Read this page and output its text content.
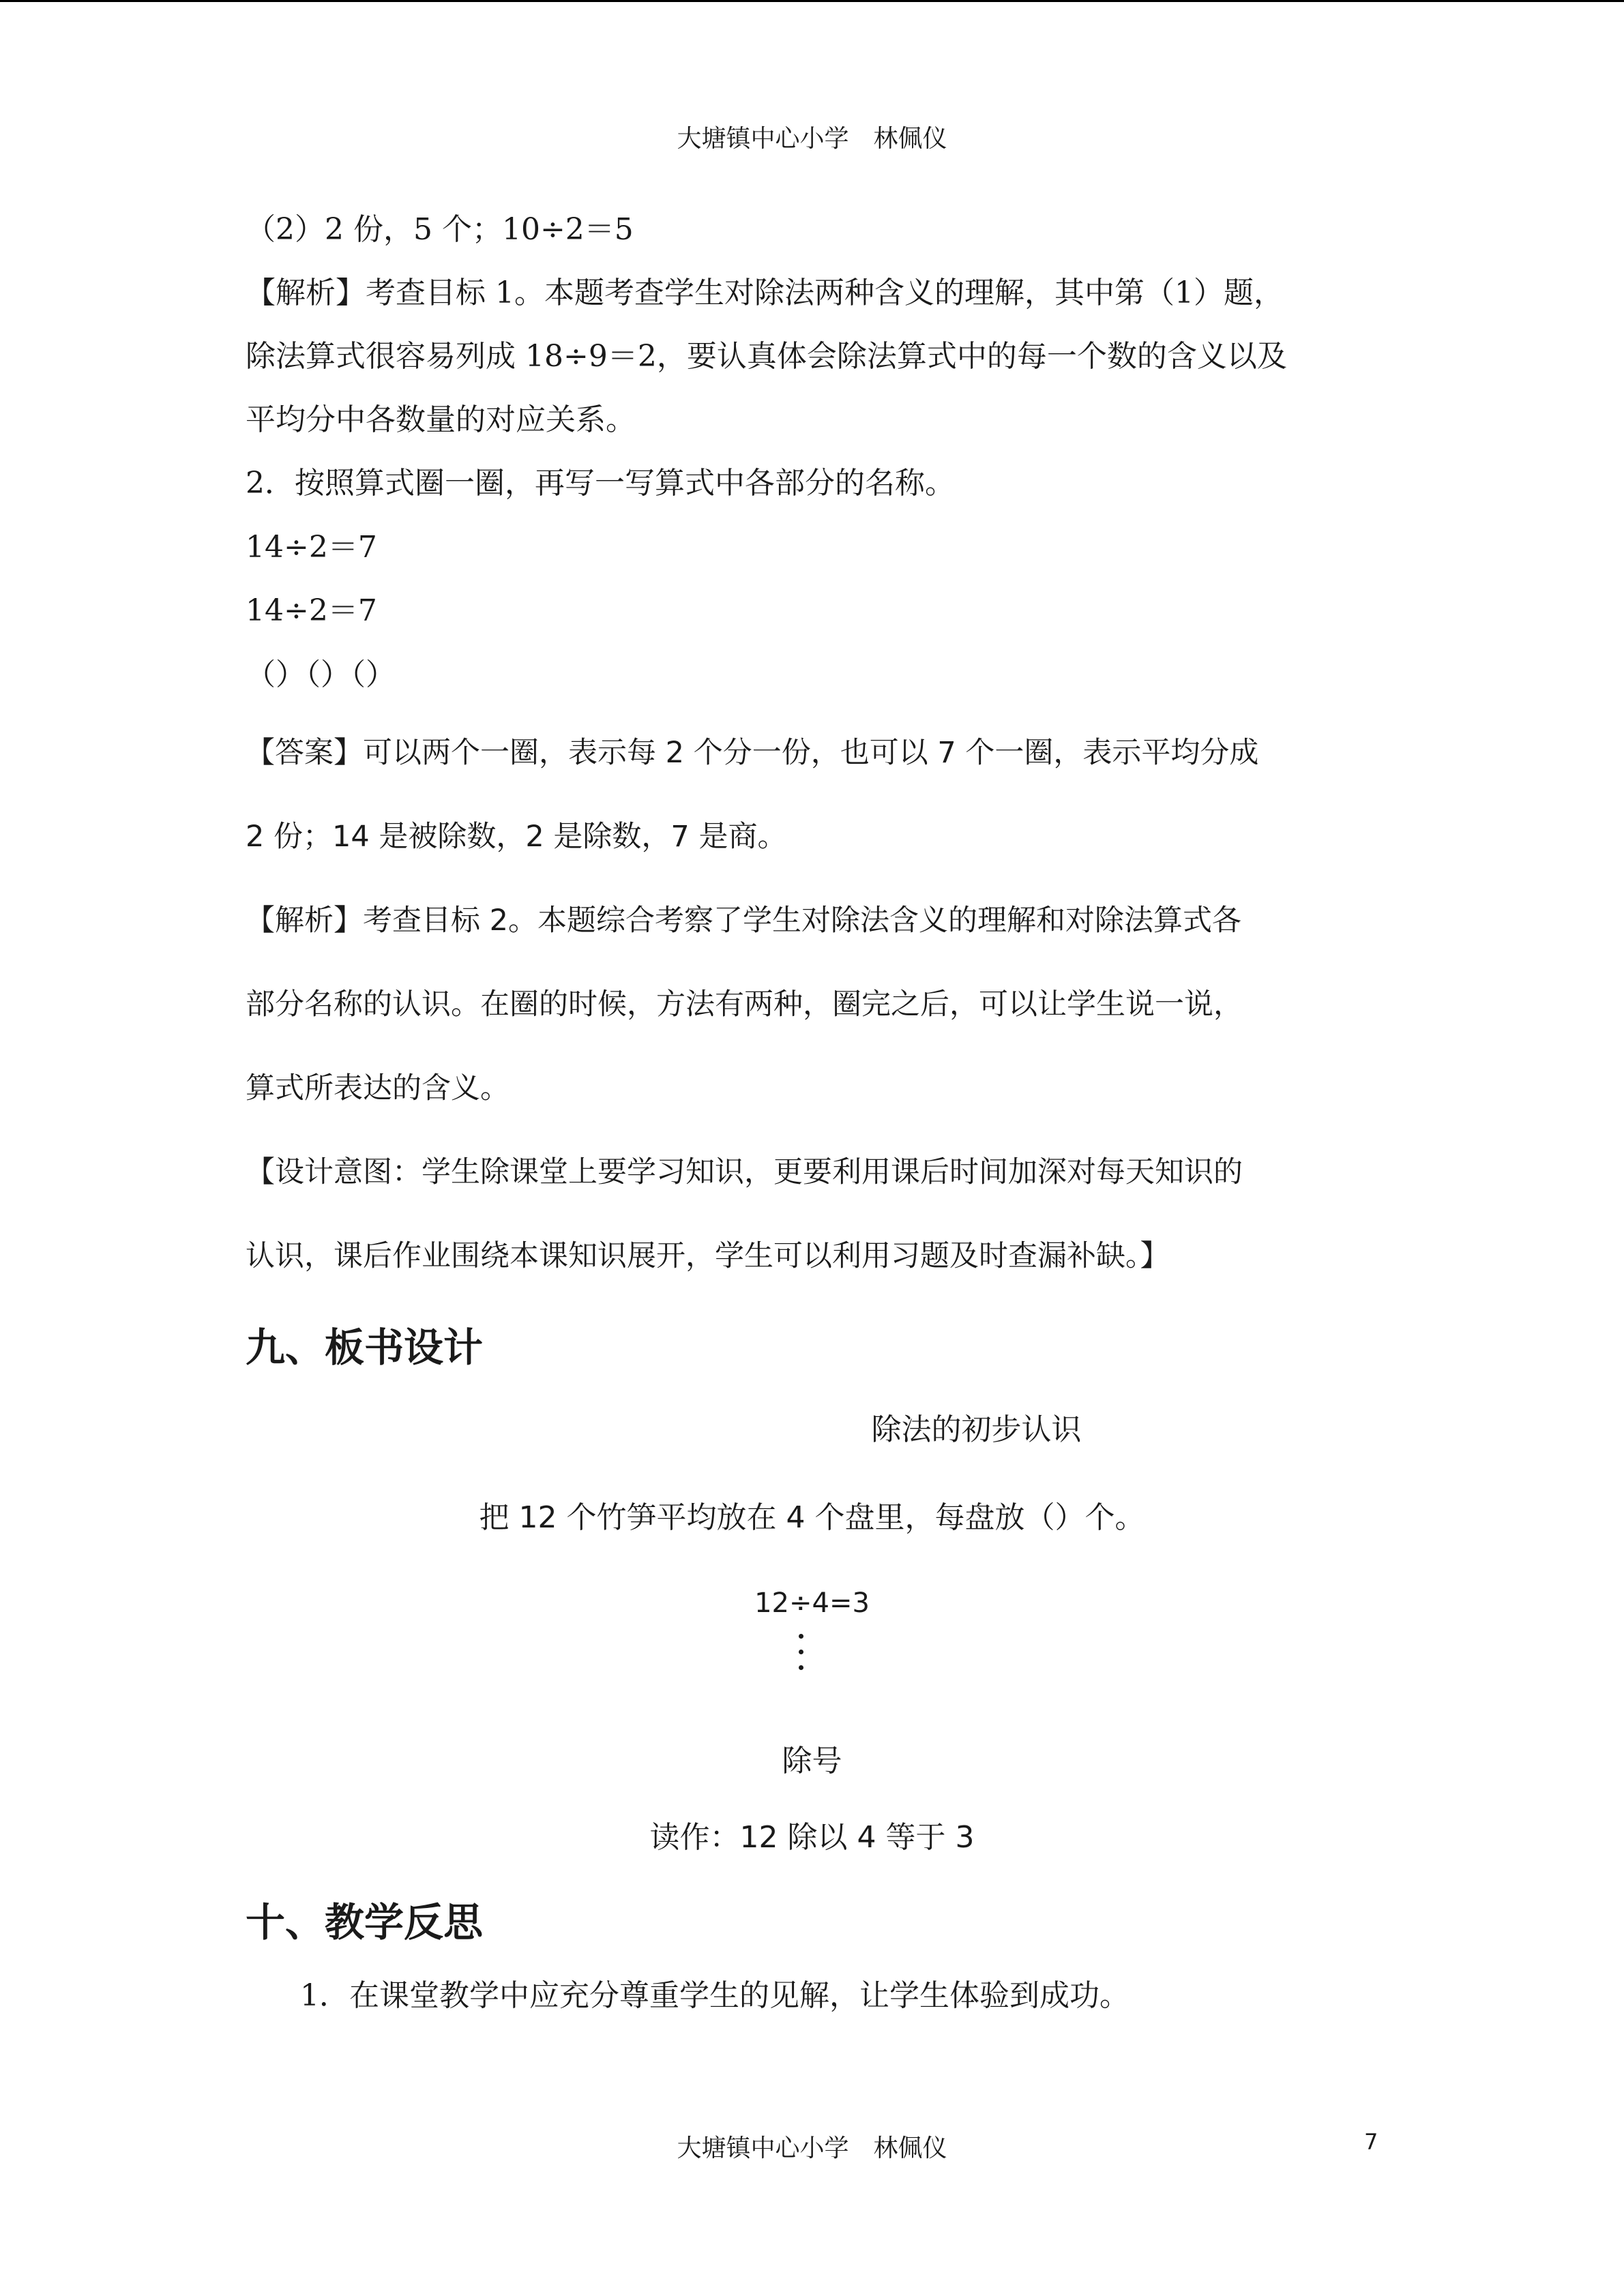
大塘镇中心小学　林佩仪
（2）2 份，5 个；10÷2＝5
【解析】考查目标 1。本题考查学生对除法两种含义的理解，其中第（1）题，
除法算式很容易列成 18÷9＝2，要认真体会除法算式中的每一个数的含义以及
平均分中各数量的对应关系。
2．按照算式圈一圈，再写一写算式中各部分的名称。
14÷2＝7
14÷2＝7
（）（）（）
【答案】可以两个一圈，表示每 2 个分一份，也可以 7 个一圈，表示平均分成
2 份；14 是被除数，2 是除数，7 是商。
【解析】考查目标 2。本题综合考察了学生对除法含义的理解和对除法算式各
部分名称的认识。在圈的时候，方法有两种，圈完之后，可以让学生说一说，
算式所表达的含义。
【设计意图：学生除课堂上要学习知识，更要利用课后时间加深对每天知识的
认识，课后作业围绕本课知识展开，学生可以利用习题及时查漏补缺。】
九、板书设计
除法的初步认识
把 12 个竹笋平均放在 4 个盘里，每盘放（）个。
12÷4=3
除号
读作：12 除以 4 等于 3
十、教学反思
1．在课堂教学中应充分尊重学生的见解，让学生体验到成功。
大塘镇中心小学　林佩仪	7
